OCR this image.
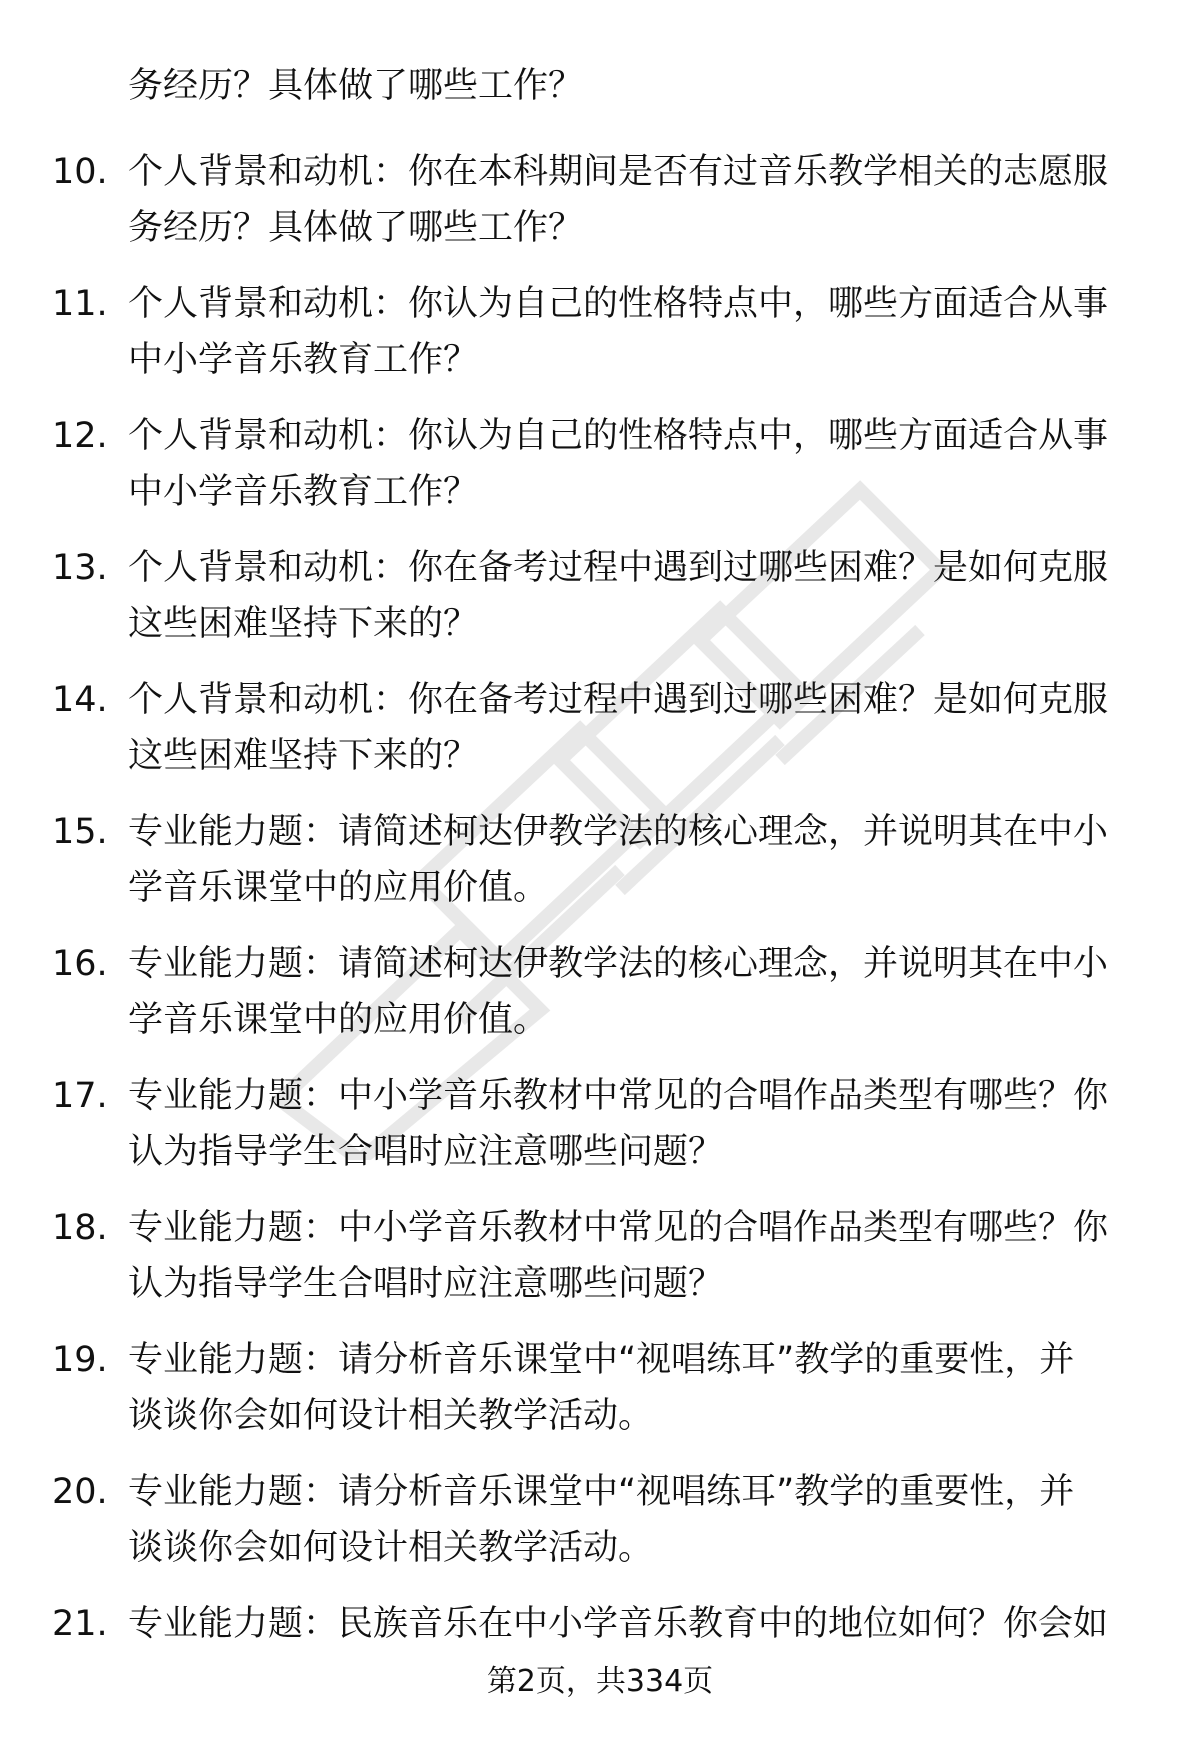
务经历？具体做了哪些工作？
10. 个人背景和动机：你在本科期间是否有过音乐教学相关的志愿服
务经历？具体做了哪些工作？
11. 个人背景和动机：你认为自己的性格特点中，哪些方面适合从事
中小学音乐教育工作？
12. 个人背景和动机：你认为自己的性格特点中，哪些方面适合从事
中小学音乐教育工作？
13. 个人背景和动机：你在备考过程中遇到过哪些困难？是如何克服
这些困难坚持下来的？
14. 个人背景和动机：你在备考过程中遇到过哪些困难？是如何克服
这些困难坚持下来的？
15. 专业能力题：请简述柯达伊教学法的核心理念，并说明其在中小
学音乐课堂中的应用价值。
16. 专业能力题：请简述柯达伊教学法的核心理念，并说明其在中小
学音乐课堂中的应用价值。
17. 专业能力题：中小学音乐教材中常见的合唱作品类型有哪些？你
认为指导学生合唱时应注意哪些问题？
18. 专业能力题：中小学音乐教材中常见的合唱作品类型有哪些？你
认为指导学生合唱时应注意哪些问题？
19. 专业能力题：请分析音乐课堂中“视唱练耳”教学的重要性，并
谈谈你会如何设计相关教学活动。
20. 专业能力题：请分析音乐课堂中“视唱练耳”教学的重要性，并
谈谈你会如何设计相关教学活动。
21. 专业能力题：民族音乐在中小学音乐教育中的地位如何？你会如
第2页，共334页
